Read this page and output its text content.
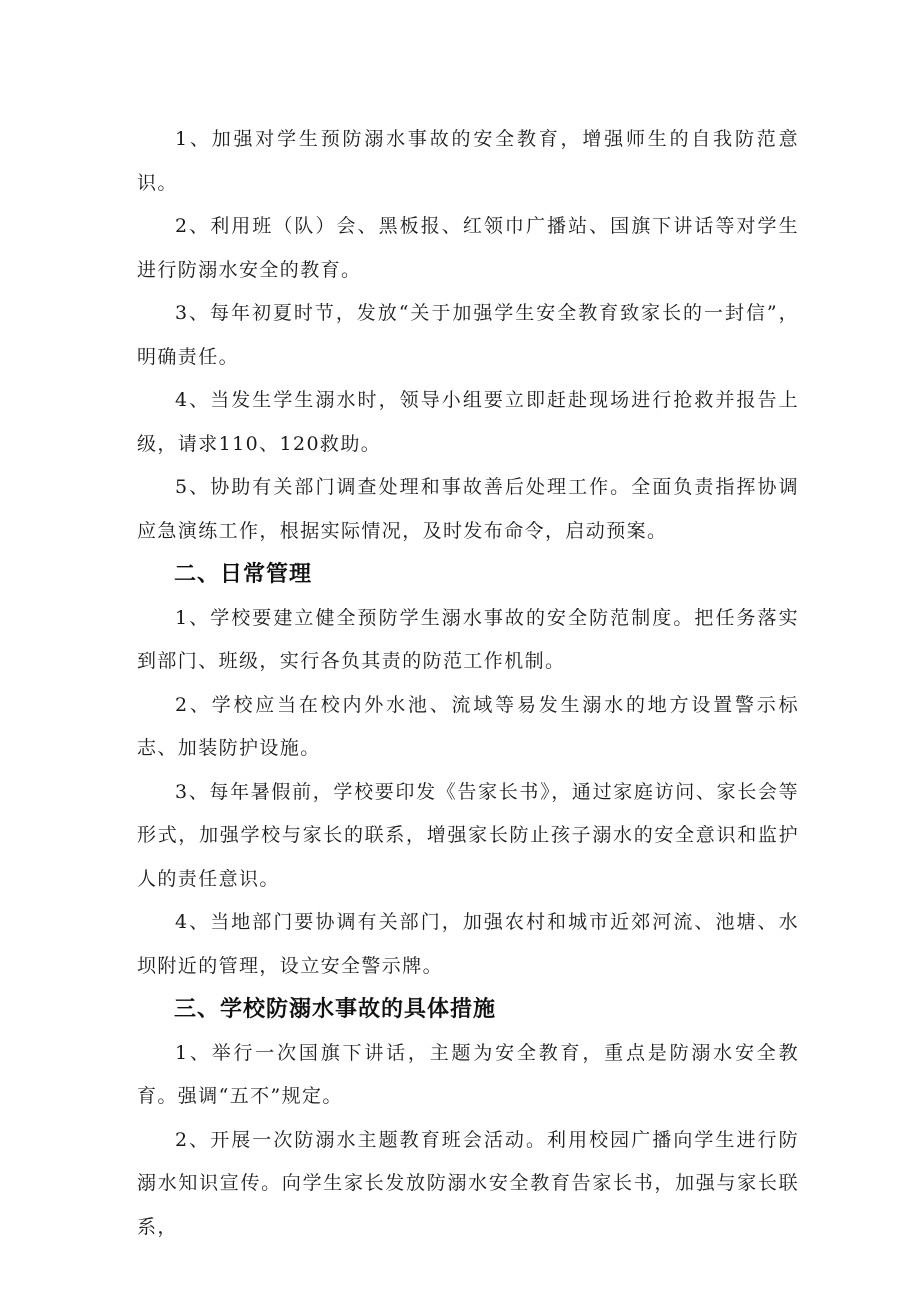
1、加强对学生预防溺水事故的安全教育，增强师生的自我防范意识。

2、利用班（队）会、黑板报、红领巾广播站、国旗下讲话等对学生进行防溺水安全的教育。

3、每年初夏时节，发放“关于加强学生安全教育致家长的一封信”，明确责任。

4、当发生学生溺水时，领导小组要立即赶赴现场进行抢救并报告上级，请求110、120救助。

5、协助有关部门调查处理和事故善后处理工作。全面负责指挥协调应急演练工作，根据实际情况，及时发布命令，启动预案。

二、日常管理

1、学校要建立健全预防学生溺水事故的安全防范制度。把任务落实到部门、班级，实行各负其责的防范工作机制。

2、学校应当在校内外水池、流域等易发生溺水的地方设置警示标志、加装防护设施。

3、每年暑假前，学校要印发《告家长书》，通过家庭访问、家长会等形式，加强学校与家长的联系，增强家长防止孩子溺水的安全意识和监护人的责任意识。

4、当地部门要协调有关部门，加强农村和城市近郊河流、池塘、水坝附近的管理，设立安全警示牌。

三、学校防溺水事故的具体措施

1、举行一次国旗下讲话，主题为安全教育，重点是防溺水安全教育。强调“五不”规定。

2、开展一次防溺水主题教育班会活动。利用校园广播向学生进行防溺水知识宣传。向学生家长发放防溺水安全教育告家长书，加强与家长联系，
